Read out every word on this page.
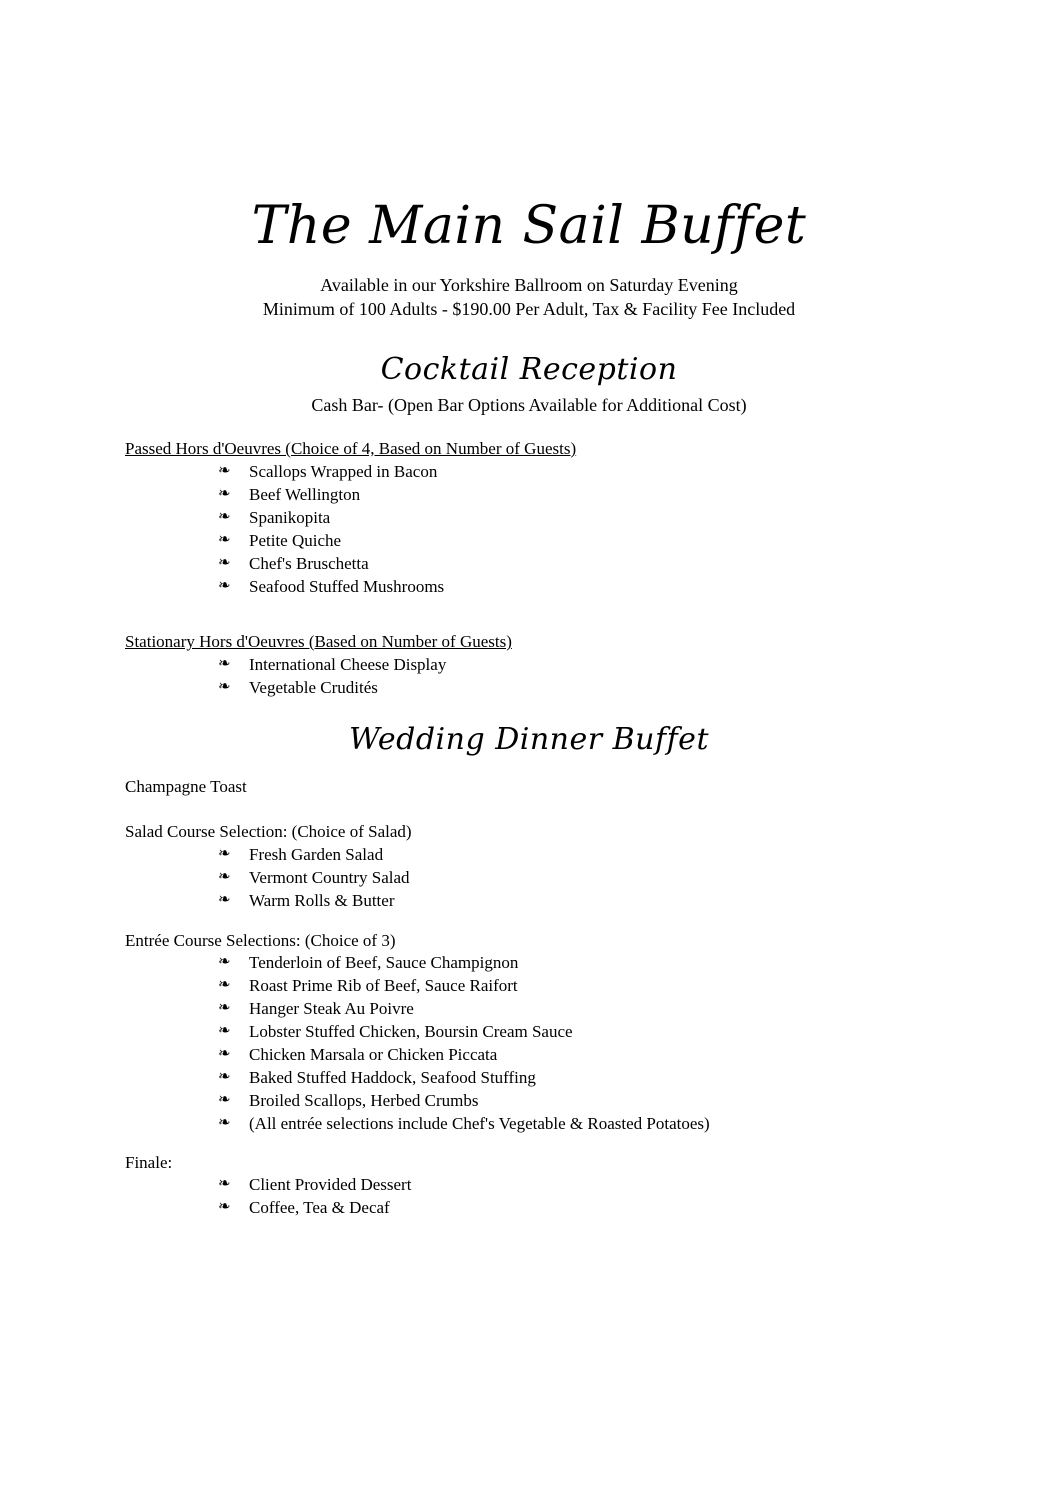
The Main Sail Buffet
Available in our Yorkshire Ballroom on Saturday Evening
Minimum of 100 Adults - $190.00 Per Adult, Tax & Facility Fee Included
Cocktail Reception
Cash Bar- (Open Bar Options Available for Additional Cost)
Passed Hors d'Oeuvres (Choice of 4, Based on Number of Guests)
❧	Scallops Wrapped in Bacon
❧	Beef Wellington
❧	Spanikopita
❧	Petite Quiche
❧	Chef's Bruschetta
❧	Seafood Stuffed Mushrooms
Stationary Hors d'Oeuvres (Based on Number of Guests)
❧	International Cheese Display
❧	Vegetable Crudités
Wedding Dinner Buffet
Champagne Toast
Salad Course Selection: (Choice of Salad)
❧	Fresh Garden Salad
❧	Vermont Country Salad
❧	Warm Rolls & Butter
Entrée Course Selections: (Choice of 3)
❧	Tenderloin of Beef, Sauce Champignon
❧	Roast Prime Rib of Beef, Sauce Raifort
❧	Hanger Steak Au Poivre
❧	Lobster Stuffed Chicken, Boursin Cream Sauce
❧	Chicken Marsala or Chicken Piccata
❧	Baked Stuffed Haddock, Seafood Stuffing
❧	Broiled Scallops, Herbed Crumbs
❧	(All entrée selections include Chef's Vegetable & Roasted Potatoes)
Finale:
❧	Client Provided Dessert
❧	Coffee, Tea & Decaf
